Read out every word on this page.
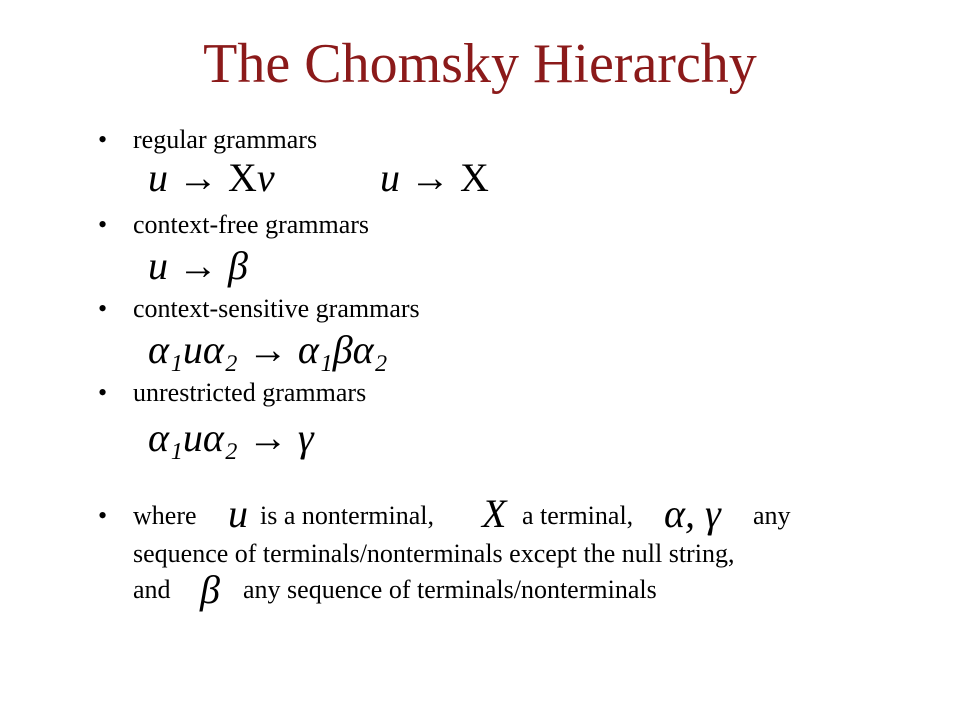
The Chomsky Hierarchy
• regular grammars
u → Xv	u → X
• context-free grammars
u → β
• context-sensitive grammars
α₁uα₂ → α₁βα₂
• unrestricted grammars
α₁uα₂ → γ
• where u is a nonterminal, X a terminal, α, γ any
sequence of terminals/nonterminals except the null string,
and β any sequence of terminals/nonterminals
